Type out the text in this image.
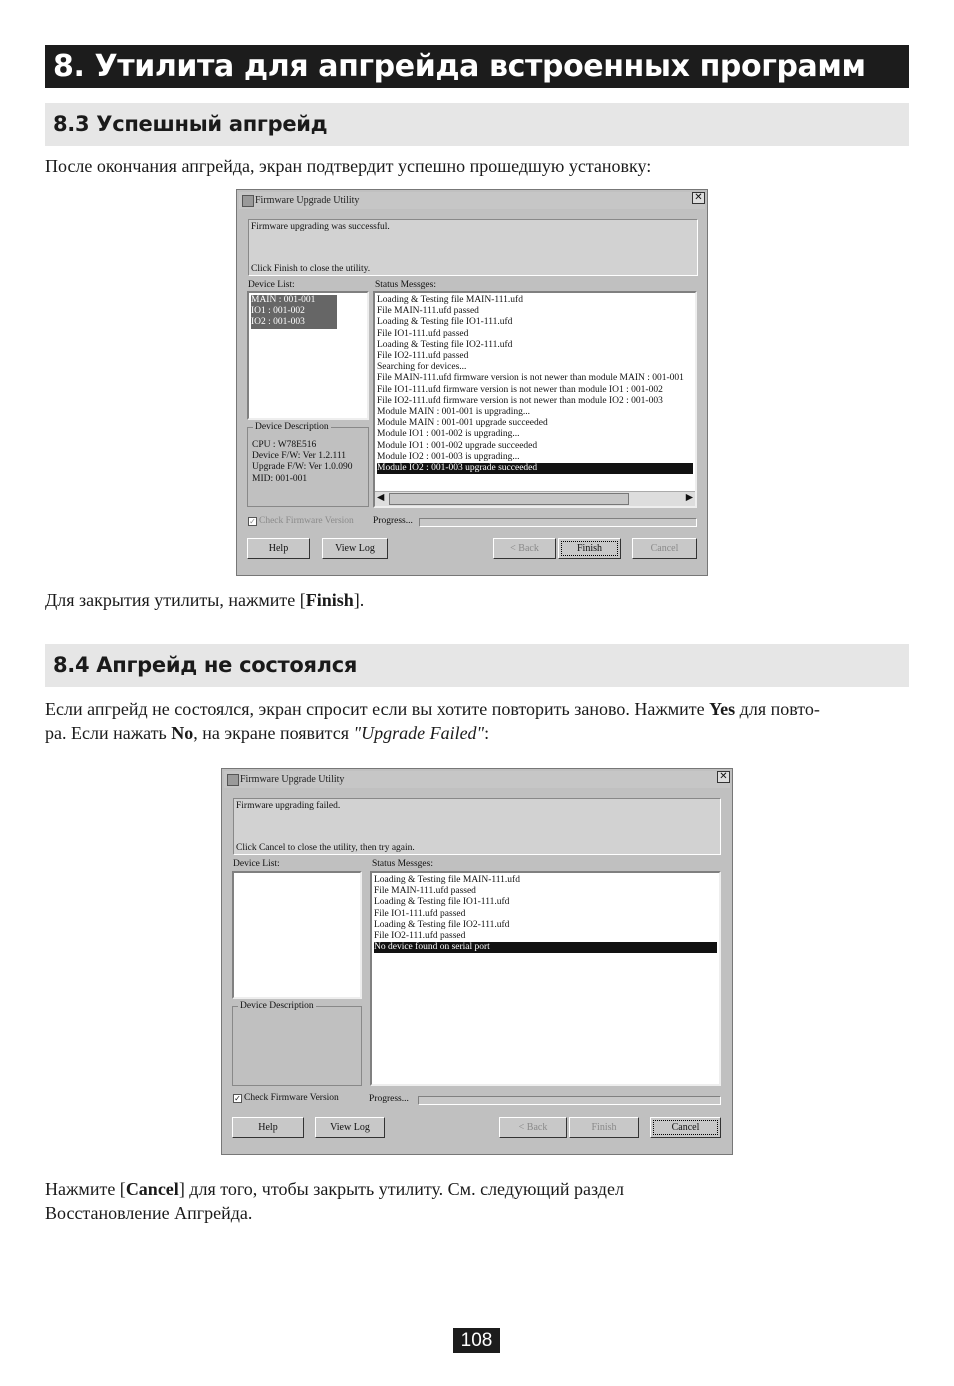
8. Утилита для апгрейда встроенных программ
8.3 Успешный апгрейд
После окончания апгрейда, экран подтвердит успешно прошедшую установку:
Firmware Upgrade Utility	✕
Firmware upgrading was successful.
Click Finish to close the utility.
Device List:
MAIN : 001-001
IO1 : 001-002
IO2 : 001-003
Device Description
CPU : W78E516
Device F/W: Ver 1.2.111
Upgrade F/W: Ver 1.0.090
MID: 001-001
Status Messges:
Loading & Testing file MAIN-111.ufd
File MAIN-111.ufd passed
Loading & Testing file IO1-111.ufd
File IO1-111.ufd passed
Loading & Testing file IO2-111.ufd
File IO2-111.ufd passed
Searching for devices...
File MAIN-111.ufd firmware version is not newer than module MAIN : 001-001
File IO1-111.ufd firmware version is not newer than module IO1 : 001-002
File IO2-111.ufd firmware version is not newer than module IO2 : 001-003
Module MAIN : 001-001 is upgrading...
Module MAIN : 001-001 upgrade succeeded
Module IO1 : 001-002 is upgrading...
Module IO1 : 001-002 upgrade succeeded
Module IO2 : 001-003 is upgrading...
Module IO2 : 001-003 upgrade succeeded
◀	▶
✓ Check Firmware Version Progress...
Help	View Log	< Back	Finish	Cancel
Для закрытия утилиты, нажмите [Finish].
8.4 Апгрейд не состоялся
Если апгрейд не состоялся, экран спросит если вы хотите повторить заново. Нажмите Yes для повто-
ра. Если нажать No, на экране появится "Upgrade Failed":
Firmware Upgrade Utility	✕
Firmware upgrading failed.
Click Cancel to close the utility, then try again.
Device List:
Device Description
Status Messges:
Loading & Testing file MAIN-111.ufd
File MAIN-111.ufd passed
Loading & Testing file IO1-111.ufd
File IO1-111.ufd passed
Loading & Testing file IO2-111.ufd
File IO2-111.ufd passed
No device found on serial port
✓ Check Firmware Version	Progress...
Help	View Log	< Back	Finish	Cancel
Нажмите [Cancel] для того, чтобы закрыть утилиту. См. следующий раздел
Восстановление Апгрейда.
108
